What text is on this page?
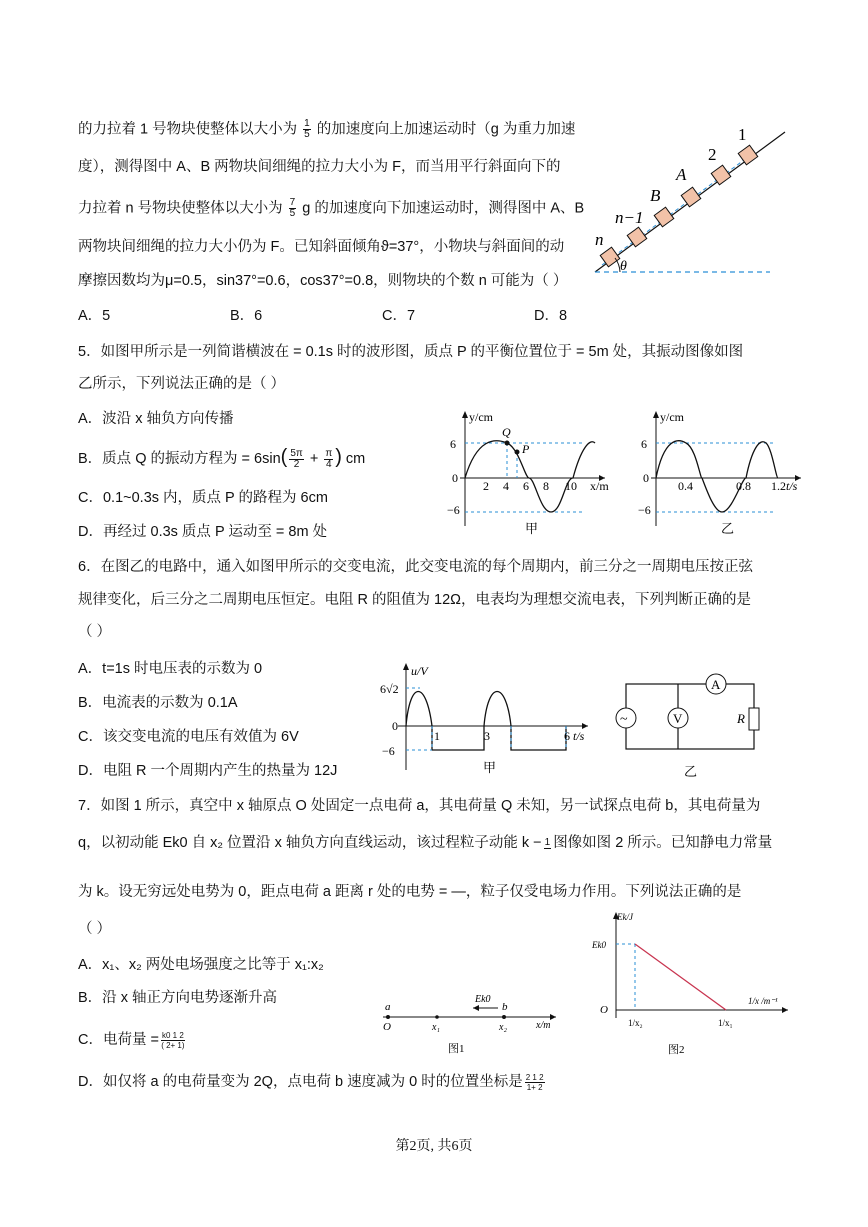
的力拉着 1 号物块使整体以大小为 $\frac{1}{5}$ 的加速度向上加速运动时（g 为重力加速
度），测得图中 A、B 两物块间细绳的拉力大小为 F，而当用平行斜面向下的
力拉着 n 号物块使整体以大小为 $\frac{7}{5}$ g 的加速度向下加速运动时，测得图中 A、B
两物块间细绳的拉力大小仍为 F。已知斜面倾角ϑ=37°，小物块与斜面间的动
摩擦因数均为μ=0.5，sin37°=0.6，cos37°=0.8，则物块的个数 n 可能为（ ）
A．5	B．6	C．7	D．8
θ
1
2
A
B
n−1
n
5．如图甲所示是一列简谐横波在 = 0.1s 时的波形图，质点 P 的平衡位置位于 = 5m 处，其振动图像如图
乙所示，下列说法正确的是（ ）
A．波沿 x 轴负方向传播
B．质点 Q 的振动方程为 = $6\sin( \frac{5\pi}{2} + \frac{\pi}{4}$ ) cm
C．0.1~0.3s 内，质点 P 的路程为 6cm
D．再经过 0.3s 质点 P 运动至 = 8m 处
y/cm
x/m
6
−6
0
Q
P
2 4 6 8 10
甲
y/cm
t/s
6
−6
0
0.4	0.8 1.2
乙
6．在图乙的电路中，通入如图甲所示的交变电流，此交变电流的每个周期内，前三分之一周期电压按正弦
规律变化，后三分之二周期电压恒定。电阻 R 的阻值为 12Ω，电表均为理想交流电表，下列判断正确的是
（ ）
A．t=1s 时电压表的示数为 0
B．电流表的示数为 0.1A
C．该交变电流的电压有效值为 6V
D．电阻 R 一个周期内产生的热量为 12J
u/V
t/s
6√2
−6
0
1	3	6
甲
~	V
A
R
乙
7．如图 1 所示，真空中 x 轴原点 O 处固定一点电荷 a，其电荷量 Q 未知，另一试探点电荷 b，其电荷量为
q，以初动能 Ek0 自 x₂ 位置沿 x 轴负方向直线运动，该过程粒子动能 k − 1 图像如图 2 所示。已知静电力常量
为 k。设无穷远处电势为 0，距点电荷 a 距离 r 处的电势 = —，粒子仅受电场力作用。下列说法正确的是
（ ）
A．x₁、x₂ 两处电场强度之比等于 x₁:x₂
B．沿 x 轴正方向电势逐渐升高
C．电荷量 = $\frac{k0 1 2}{( 2+ 1)}$
D．如仅将 a 的电荷量变为 2Q，点电荷 b 速度减为 0 时的位置坐标是 $\frac{2 1 2}{1+ 2}$
a	b
O	x₁	x₂	x/m
Ek0
图1
Ek/J
Ek0
O
1/x₂	1/x₁
1/x /m⁻¹
图2
第2页, 共6页
